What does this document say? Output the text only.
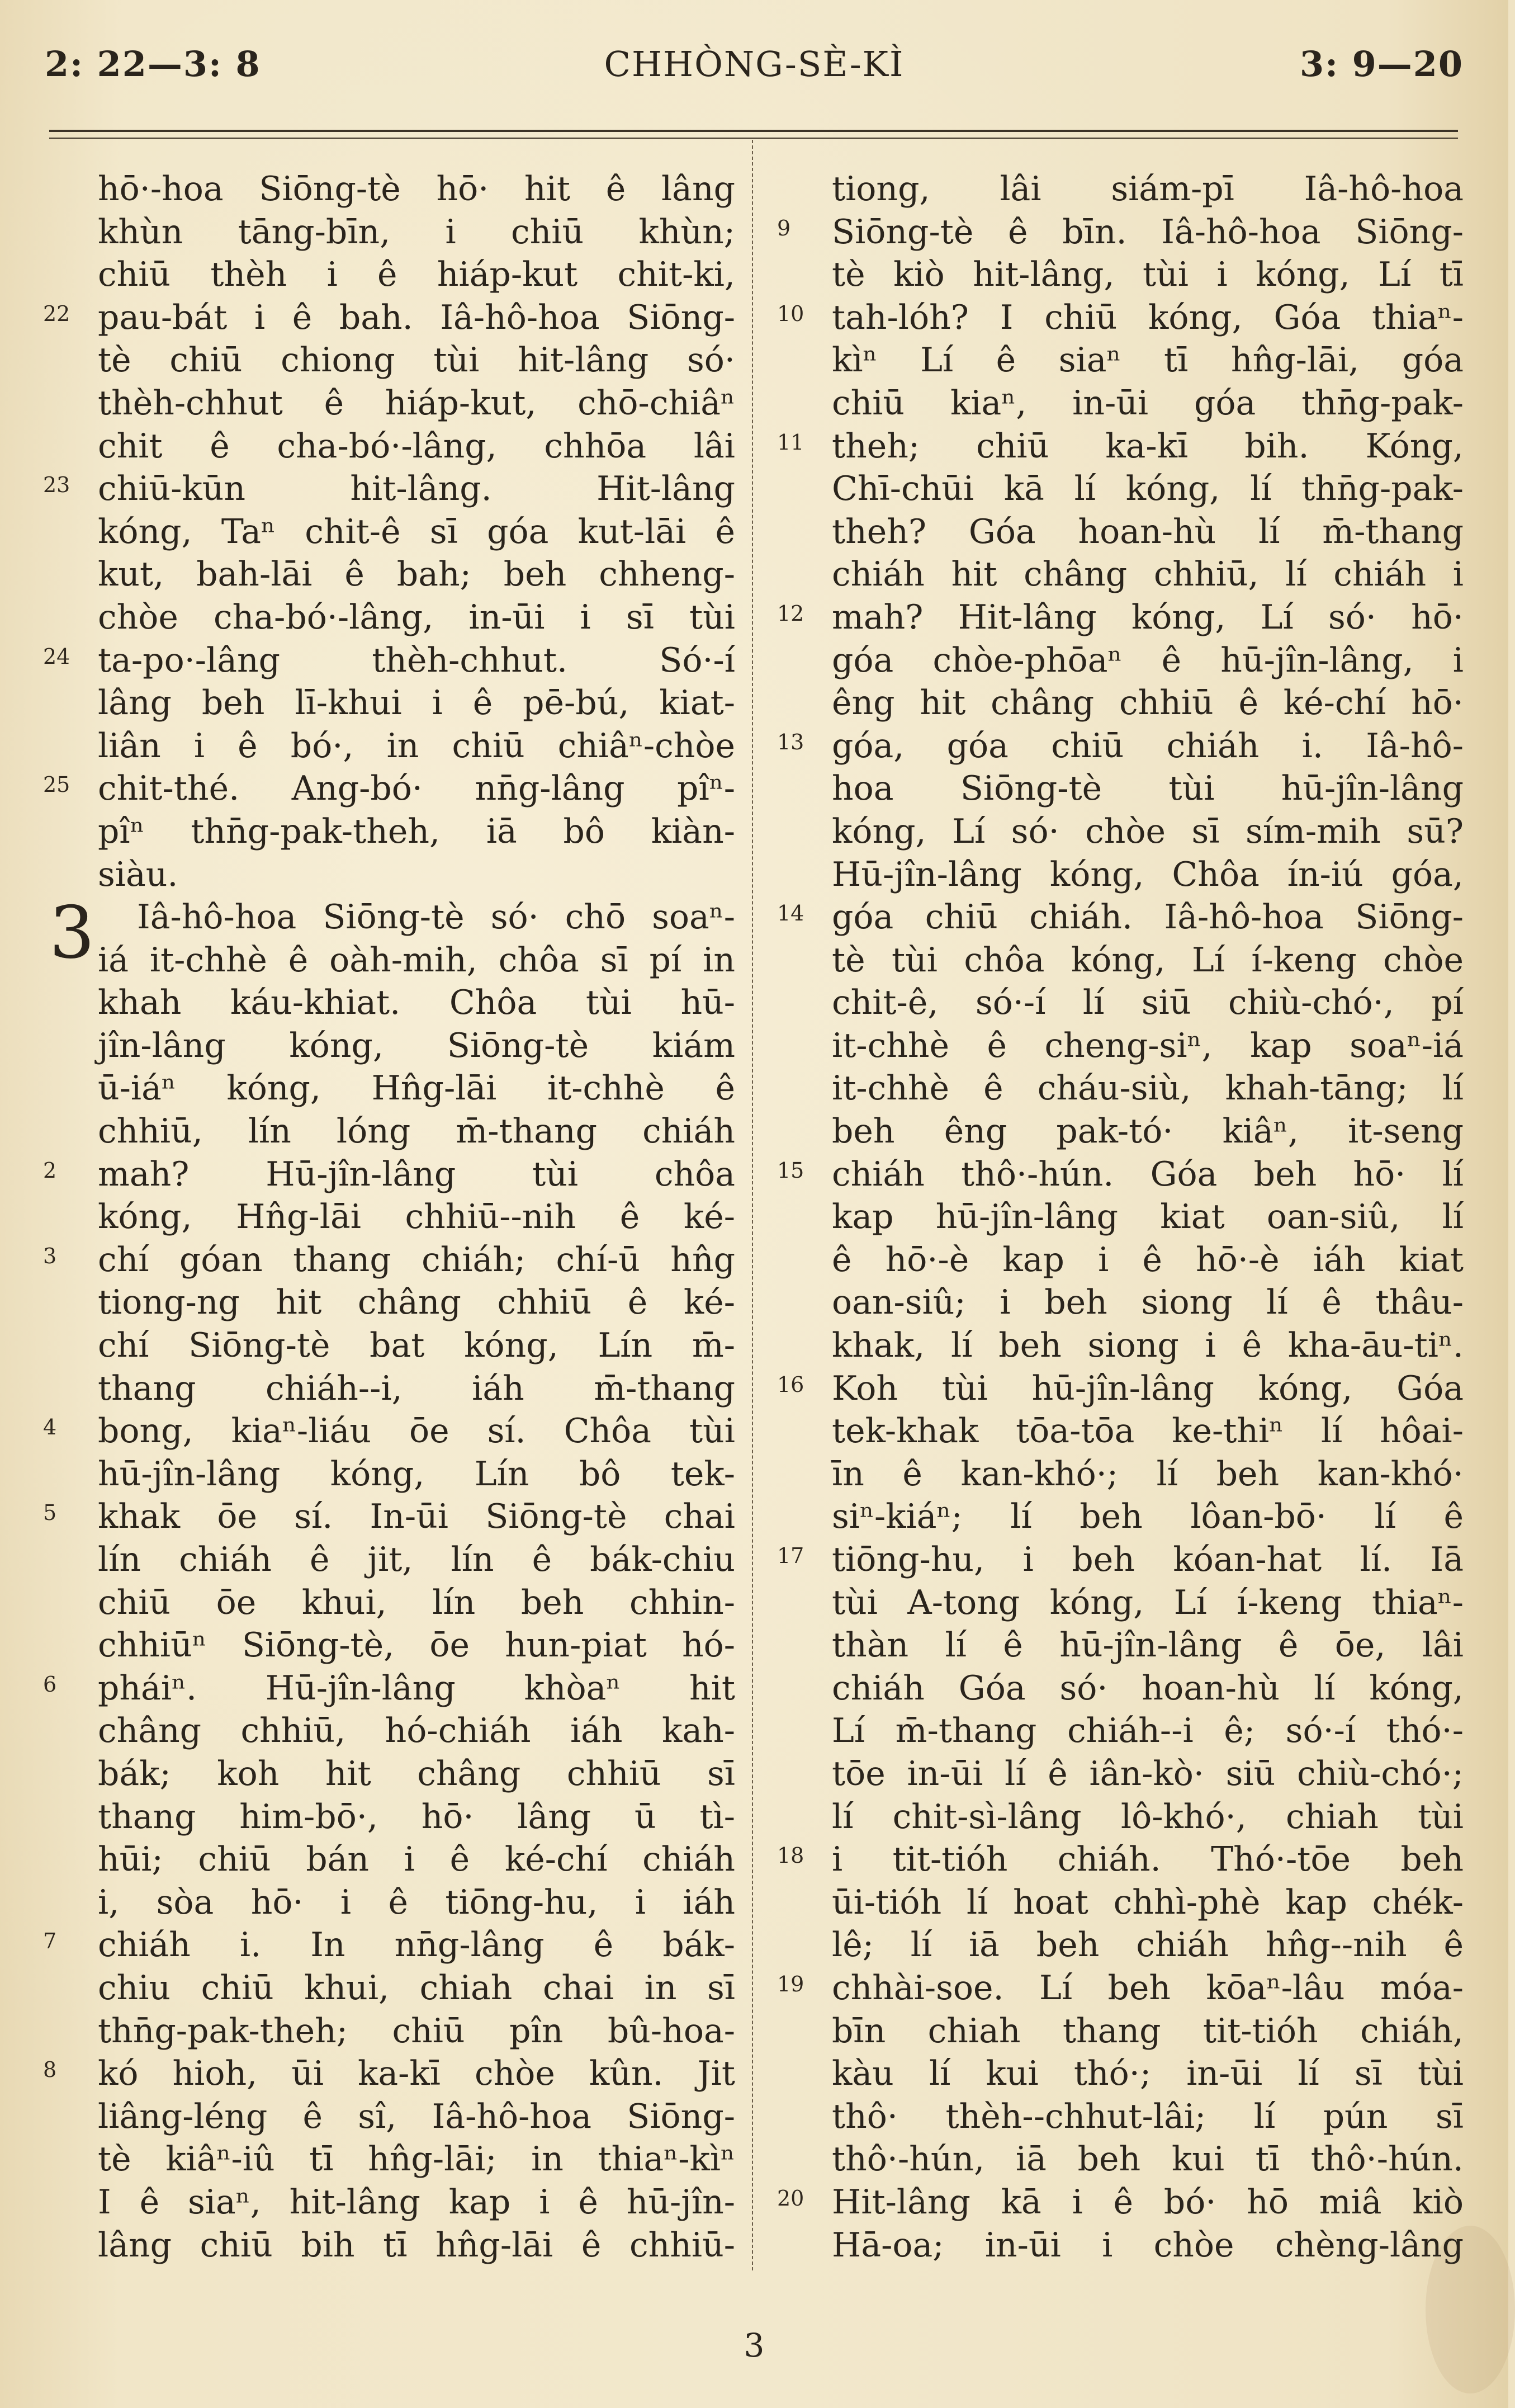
2: 22—3: 8	CHHÒNG-SÈ-KÌ	3: 9—20
3
hō·-hoa Siōng-tè hō· hit ê lâng
khùn tāng-bīn, i chiū khùn;
chiū thèh i ê hiáp-kut chit-ki,
22 pau-bát i ê bah. Iâ-hô-hoa Siōng-
tè chiū chiong tùi hit-lâng só·
thèh-chhut ê hiáp-kut, chō-chiâⁿ
chit ê cha-bó·-lâng, chhōa lâi
23 chiū-kūn hit-lâng. Hit-lâng
kóng, Taⁿ chit-ê sī góa kut-lāi ê
kut, bah-lāi ê bah; beh chheng-
chòe cha-bó·-lâng, in-ūi i sī tùi
24 ta-po·-lâng thèh-chhut. Só·-í
lâng beh lī-khui i ê pē-bú, kiat-
liân i ê bó·, in chiū chiâⁿ-chòe
25 chit-thé. Ang-bó· nn̄g-lâng pîⁿ-
pîⁿ thn̄g-pak-theh, iā bô kiàn-
siàu.
Iâ-hô-hoa Siōng-tè só· chō soaⁿ-
iá it-chhè ê oàh-mih, chôa sī pí in
khah káu-khiat. Chôa tùi hū-
jîn-lâng kóng, Siōng-tè kiám
ū-iáⁿ kóng, Hn̂g-lāi it-chhè ê
chhiū, lín lóng m̄-thang chiáh
2 mah? Hū-jîn-lâng tùi chôa
kóng, Hn̂g-lāi chhiū--nih ê ké-
3 chí góan thang chiáh; chí-ū hn̂g
tiong-ng hit châng chhiū ê ké-
chí Siōng-tè bat kóng, Lín m̄-
thang chiáh--i, iáh m̄-thang
4 bong, kiaⁿ-liáu ōe sí. Chôa tùi
hū-jîn-lâng kóng, Lín bô tek-
5 khak ōe sí. In-ūi Siōng-tè chai
lín chiáh ê jit, lín ê bák-chiu
chiū ōe khui, lín beh chhin-
chhiūⁿ Siōng-tè, ōe hun-piat hó-
6 pháiⁿ. Hū-jîn-lâng khòaⁿ hit
châng chhiū, hó-chiáh iáh kah-
bák; koh hit châng chhiū sī
thang him-bō·, hō· lâng ū tì-
hūi; chiū bán i ê ké-chí chiáh
i, sòa hō· i ê tiōng-hu, i iáh
7 chiáh i. In nn̄g-lâng ê bák-
chiu chiū khui, chiah chai in sī
thn̄g-pak-theh; chiū pîn bû-hoa-
8 kó hioh, ūi ka-kī chòe kûn. Jit
liâng-léng ê sî, Iâ-hô-hoa Siōng-
tè kiâⁿ-iû tī hn̂g-lāi; in thiaⁿ-kìⁿ
I ê siaⁿ, hit-lâng kap i ê hū-jîn-
lâng chiū bih tī hn̂g-lāi ê chhiū-
tiong, lâi siám-pī Iâ-hô-hoa
9 Siōng-tè ê bīn. Iâ-hô-hoa Siōng-
tè kiò hit-lâng, tùi i kóng, Lí tī
10 tah-lóh? I chiū kóng, Góa thiaⁿ-
kìⁿ Lí ê siaⁿ tī hn̂g-lāi, góa
chiū kiaⁿ, in-ūi góa thn̄g-pak-
11 theh; chiū ka-kī bih. Kóng,
Chī-chūi kā lí kóng, lí thn̄g-pak-
theh? Góa hoan-hù lí m̄-thang
chiáh hit châng chhiū, lí chiáh i
12 mah? Hit-lâng kóng, Lí só· hō·
góa chòe-phōaⁿ ê hū-jîn-lâng, i
êng hit châng chhiū ê ké-chí hō·
13 góa, góa chiū chiáh i. Iâ-hô-
hoa Siōng-tè tùi hū-jîn-lâng
kóng, Lí só· chòe sī sím-mih sū?
Hū-jîn-lâng kóng, Chôa ín-iú góa,
14 góa chiū chiáh. Iâ-hô-hoa Siōng-
tè tùi chôa kóng, Lí í-keng chòe
chit-ê, só·-í lí siū chiù-chó·, pí
it-chhè ê cheng-siⁿ, kap soaⁿ-iá
it-chhè ê cháu-siù, khah-tāng; lí
beh êng pak-tó· kiâⁿ, it-seng
15 chiáh thô·-hún. Góa beh hō· lí
kap hū-jîn-lâng kiat oan-siû, lí
ê hō·-è kap i ê hō·-è iáh kiat
oan-siû; i beh siong lí ê thâu-
khak, lí beh siong i ê kha-āu-tiⁿ.
16 Koh tùi hū-jîn-lâng kóng, Góa
tek-khak tōa-tōa ke-thiⁿ lí hôai-
īn ê kan-khó·; lí beh kan-khó·
siⁿ-kiáⁿ; lí beh lôan-bō· lí ê
17 tiōng-hu, i beh kóan-hat lí. Iā
tùi A-tong kóng, Lí í-keng thiaⁿ-
thàn lí ê hū-jîn-lâng ê ōe, lâi
chiáh Góa só· hoan-hù lí kóng,
Lí m̄-thang chiáh--i ê; só·-í thó·-
tōe in-ūi lí ê iân-kò· siū chiù-chó·;
lí chit-sì-lâng lô-khó·, chiah tùi
18 i tit-tióh chiáh. Thó·-tōe beh
ūi-tióh lí hoat chhì-phè kap chék-
lê; lí iā beh chiáh hn̂g--nih ê
19 chhài-soe. Lí beh kōaⁿ-lâu móa-
bīn chiah thang tit-tióh chiáh,
kàu lí kui thó·; in-ūi lí sī tùi
thô· thèh--chhut-lâi; lí pún sī
thô·-hún, iā beh kui tī thô·-hún.
20 Hit-lâng kā i ê bó· hō miâ kiò
Hā-oa; in-ūi i chòe chèng-lâng
3
